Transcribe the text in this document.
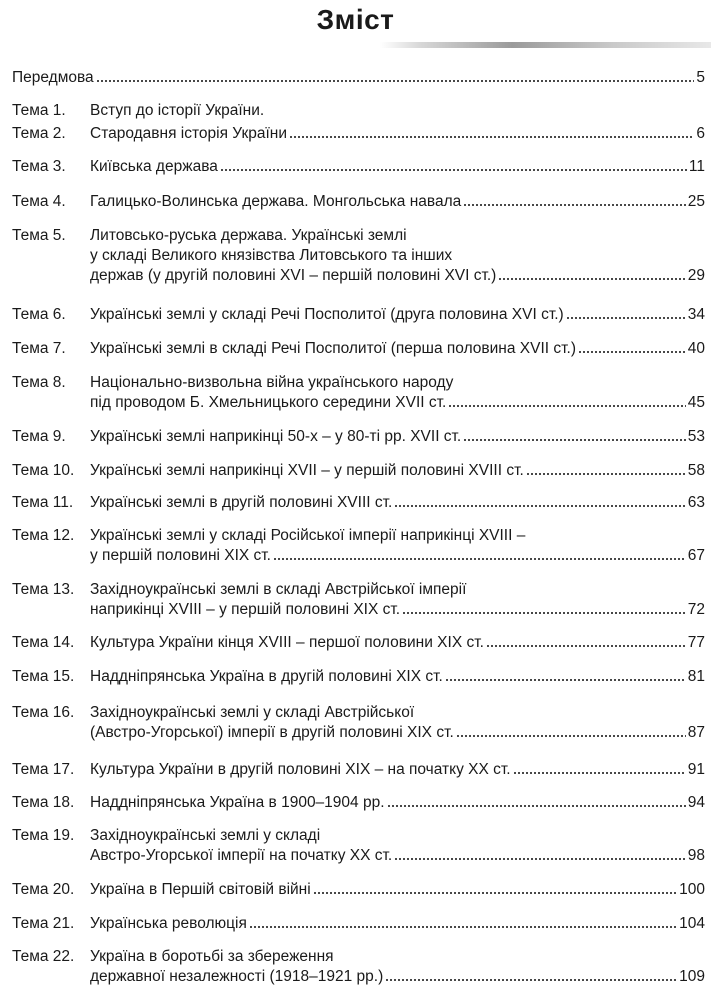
Зміст
Передмова	5
Тема 1. Вступ до історії України.
Тема 2. Стародавня історія України	6
Тема 3. Київська держава	11
Тема 4. Галицько-Волинська держава. Монгольська навала	25
Тема 5. Литовсько-руська держава. Українські землі
у складі Великого князівства Литовського та інших
держав (у другій половині XVI – першій половині XVI ст.)	29
Тема 6. Українські землі у складі Речі Посполитої (друга половина XVI ст.)	34
Тема 7. Українські землі в складі Речі Посполитої (перша половина XVII ст.)	40
Тема 8. Національно-визвольна війна українського народу
під проводом Б. Хмельницького середини XVII ст.	45
Тема 9. Українські землі наприкінці 50-х – у 80-ті рр. XVII ст.	53
Тема 10. Українські землі наприкінці XVII – у першій половині XVIII ст.	58
Тема 11. Українські землі в другій половині XVIII ст.	63
Тема 12. Українські землі у складі Російської імперії наприкінці XVIII –
у першій половині XIX ст.	67
Тема 13. Західноукраїнські землі в складі Австрійської імперії
наприкінці XVIII – у першій половині XIX ст.	72
Тема 14. Культура України кінця XVIII – першої половини XIX ст.	77
Тема 15. Наддніпрянська Україна в другій половині XIX ст.	81
Тема 16. Західноукраїнські землі у складі Австрійської
(Австро-Угорської) імперії в другій половині XIX ст.	87
Тема 17. Культура України в другій половині XIX – на початку XX ст.	91
Тема 18. Наддніпрянська Україна в 1900–1904 рр.	94
Тема 19. Західноукраїнські землі у складі
Австро-Угорської імперії на початку XX ст.	98
Тема 20. Україна в Першій світовій війні	100
Тема 21. Українська революція	104
Тема 22. Україна в боротьбі за збереження
державної незалежності (1918–1921 рр.)	109
